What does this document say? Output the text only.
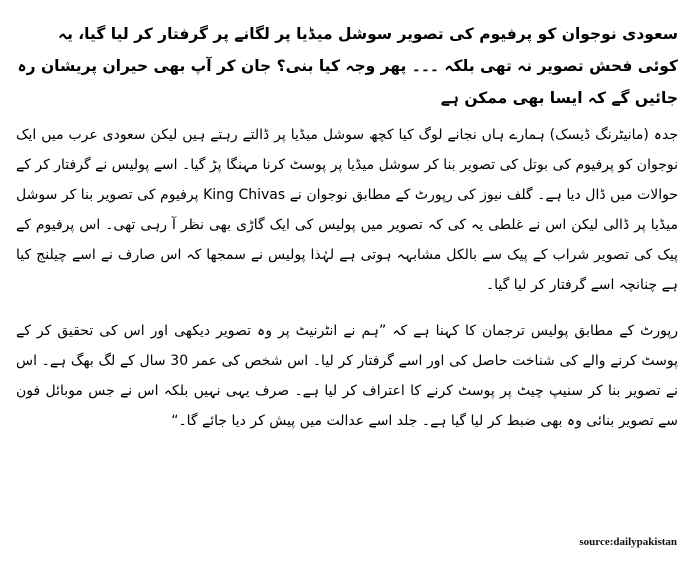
سعودی نوجوان کو پرفیوم کی تصویر سوشل میڈیا پر لگانے پر گرفتار کر لیا گیا، یہ کوئی فحش تصویر نہ تھی بلکہ ۔۔۔ پھر وجہ کیا بنی؟ جان کر آپ بھی حیران پریشان رہ جائیں گے کہ ایسا بھی ممکن ہے

جدہ (مانیٹرنگ ڈیسک) ہمارے ہاں نجانے لوگ کیا کچھ سوشل میڈیا پر ڈالتے رہتے ہیں لیکن سعودی عرب میں ایک نوجوان کو پرفیوم کی بوتل کی تصویر بنا کر سوشل میڈیا پر پوسٹ کرنا مہنگا پڑ گیا۔ اسے پولیس نے گرفتار کر کے حوالات میں ڈال دیا ہے۔ گلف نیوز کی رپورٹ کے مطابق نوجوان نے King Chivas پرفیوم کی تصویر بنا کر سوشل میڈیا پر ڈالی لیکن اس نے غلطی یہ کی کہ تصویر میں پولیس کی ایک گاڑی بھی نظر آ رہی تھی۔ اس پرفیوم کے پیک کی تصویر شراب کے پیک سے بالکل مشابہہ ہوتی ہے لہٰذا پولیس نے سمجھا کہ اس صارف نے اسے چیلنج کیا ہے چنانچہ اسے گرفتار کر لیا گیا۔

رپورٹ کے مطابق پولیس ترجمان کا کہنا ہے کہ ”ہم نے انٹرنیٹ پر وہ تصویر دیکھی اور اس کی تحقیق کر کے پوسٹ کرنے والے کی شناخت حاصل کی اور اسے گرفتار کر لیا۔ اس شخص کی عمر 30 سال کے لگ بھگ ہے۔ اس نے تصویر بنا کر سنیپ چیٹ پر پوسٹ کرنے کا اعتراف کر لیا ہے۔ صرف یہی نہیں بلکہ اس نے جس موبائل فون سے تصویر بنائی وہ بھی ضبط کر لیا گیا ہے۔ جلد اسے عدالت میں پیش کر دیا جائے گا۔“

source:dailypakistan
